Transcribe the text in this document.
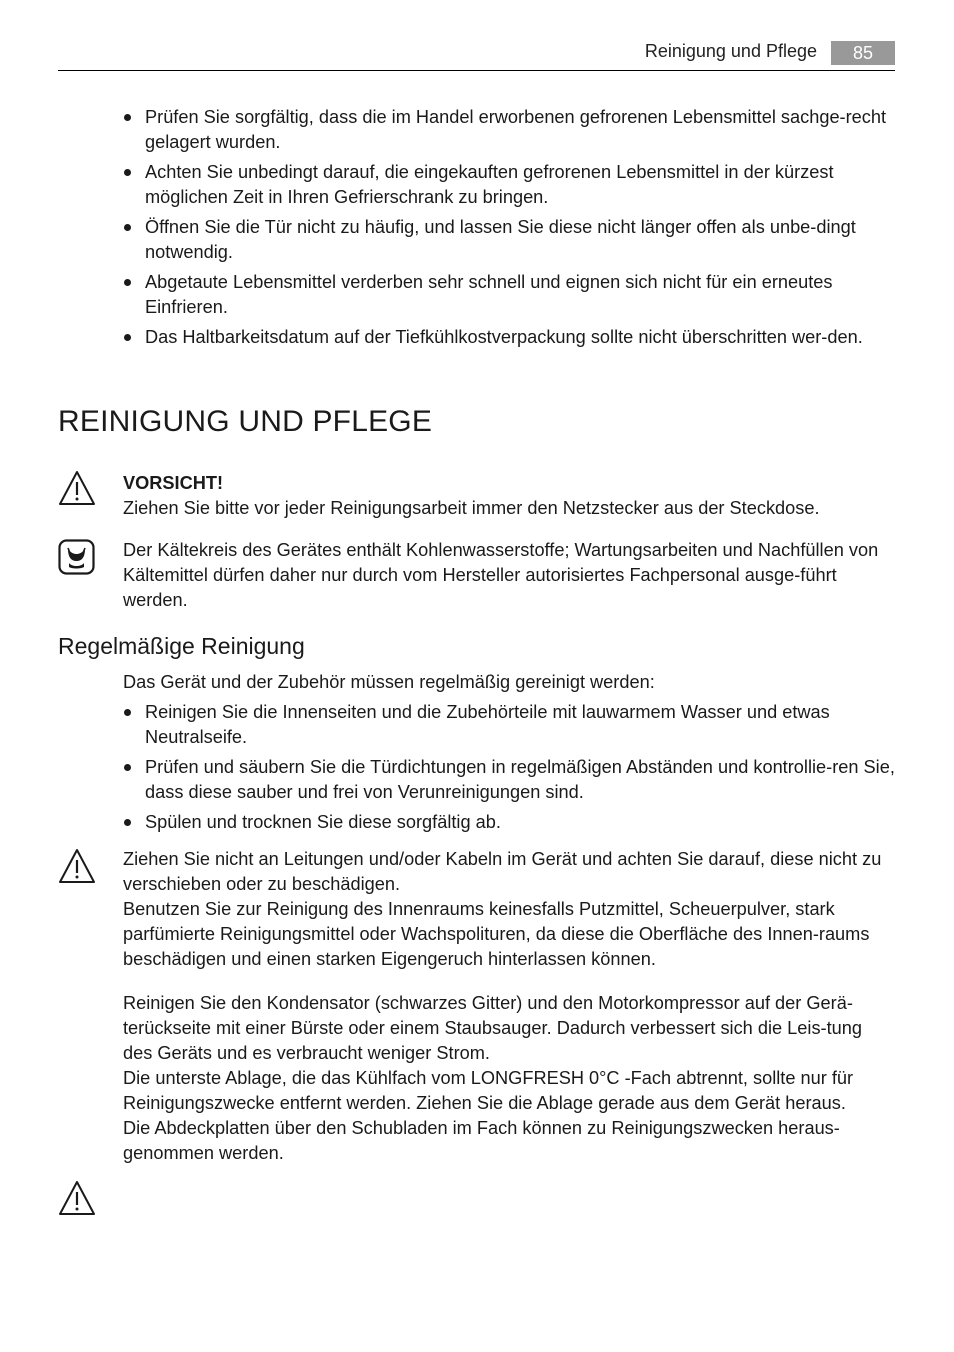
Reinigung und Pflege	85
Prüfen Sie sorgfältig, dass die im Handel erworbenen gefrorenen Lebensmittel sachge-recht gelagert wurden.
Achten Sie unbedingt darauf, die eingekauften gefrorenen Lebensmittel in der kürzest möglichen Zeit in Ihren Gefrierschrank zu bringen.
Öffnen Sie die Tür nicht zu häufig, und lassen Sie diese nicht länger offen als unbe-dingt notwendig.
Abgetaute Lebensmittel verderben sehr schnell und eignen sich nicht für ein erneutes Einfrieren.
Das Haltbarkeitsdatum auf der Tiefkühlkostverpackung sollte nicht überschritten wer-den.
REINIGUNG UND PFLEGE

VORSICHT!

Ziehen Sie bitte vor jeder Reinigungsarbeit immer den Netzstecker aus der Steckdose.

Der Kältekreis des Gerätes enthält Kohlenwasserstoffe; Wartungsarbeiten und Nachfüllen von Kältemittel dürfen daher nur durch vom Hersteller autorisiertes Fachpersonal ausge-führt werden.
Regelmäßige Reinigung

Das Gerät und der Zubehör müssen regelmäßig gereinigt werden:

Reinigen Sie die Innenseiten und die Zubehörteile mit lauwarmem Wasser und etwas Neutralseife.
Prüfen und säubern Sie die Türdichtungen in regelmäßigen Abständen und kontrollie-ren Sie, dass diese sauber und frei von Verunreinigungen sind.
Spülen und trocknen Sie diese sorgfältig ab.

Ziehen Sie nicht an Leitungen und/oder Kabeln im Gerät und achten Sie darauf, diese nicht zu verschieben oder zu beschädigen.

Benutzen Sie zur Reinigung des Innenraums keinesfalls Putzmittel, Scheuerpulver, stark parfümierte Reinigungsmittel oder Wachspolituren, da diese die Oberfläche des Innen-raums beschädigen und einen starken Eigengeruch hinterlassen können.

Reinigen Sie den Kondensator (schwarzes Gitter) und den Motorkompressor auf der Gerä-terückseite mit einer Bürste oder einem Staubsauger. Dadurch verbessert sich die Leis-tung des Geräts und es verbraucht weniger Strom.

Die unterste Ablage, die das Kühlfach vom LONGFRESH 0°C -Fach abtrennt, sollte nur für Reinigungszwecke entfernt werden. Ziehen Sie die Ablage gerade aus dem Gerät heraus.

Die Abdeckplatten über den Schubladen im Fach können zu Reinigungszwecken heraus-genommen werden.
